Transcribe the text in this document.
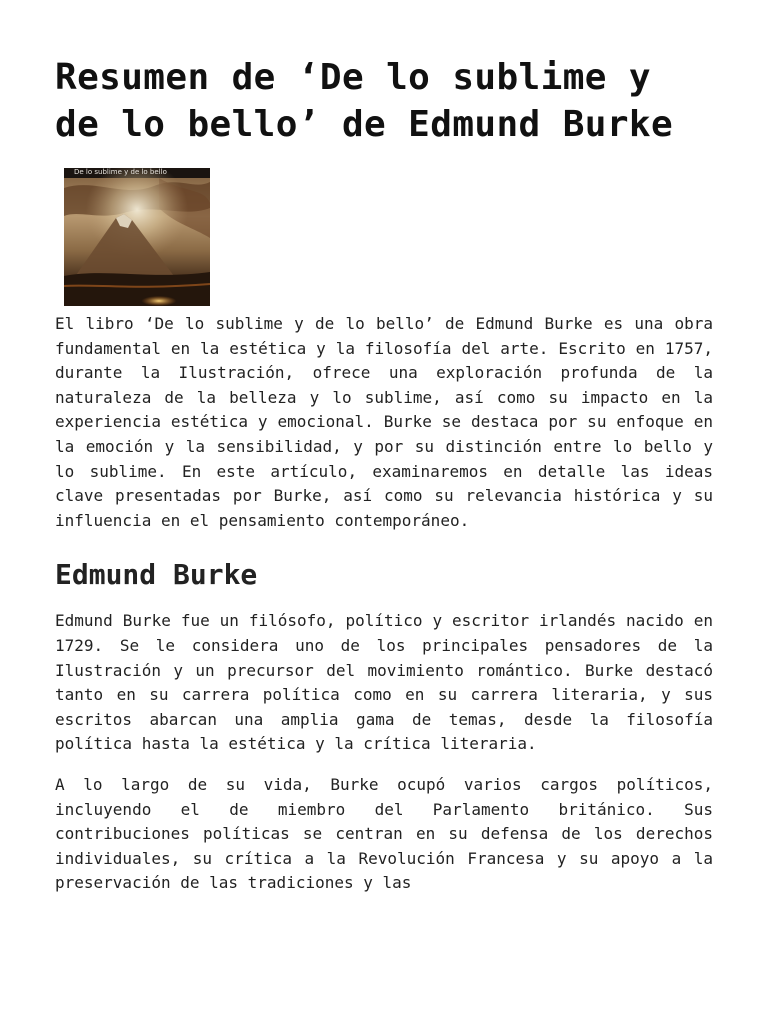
Resumen de ‘De lo sublime y de lo bello’ de Edmund Burke
De lo sublime y de lo bello

El libro ‘De lo sublime y de lo bello’ de Edmund Burke es una obra fundamental en la estética y la filosofía del arte. Escrito en 1757, durante la Ilustración, ofrece una exploración profunda de la naturaleza de la belleza y lo sublime, así como su impacto en la experiencia estética y emocional. Burke se destaca por su enfoque en la emoción y la sensibilidad, y por su distinción entre lo bello y lo sublime. En este artículo, examinaremos en detalle las ideas clave presentadas por Burke, así como su relevancia histórica y su influencia en el pensamiento contemporáneo.

Edmund Burke

Edmund Burke fue un filósofo, político y escritor irlandés nacido en 1729. Se le considera uno de los principales pensadores de la Ilustración y un precursor del movimiento romántico. Burke destacó tanto en su carrera política como en su carrera literaria, y sus escritos abarcan una amplia gama de temas, desde la filosofía política hasta la estética y la crítica literaria.

A lo largo de su vida, Burke ocupó varios cargos políticos, incluyendo el de miembro del Parlamento británico. Sus contribuciones políticas se centran en su defensa de los derechos individuales, su crítica a la Revolución Francesa y su apoyo a la preservación de las tradiciones y las
